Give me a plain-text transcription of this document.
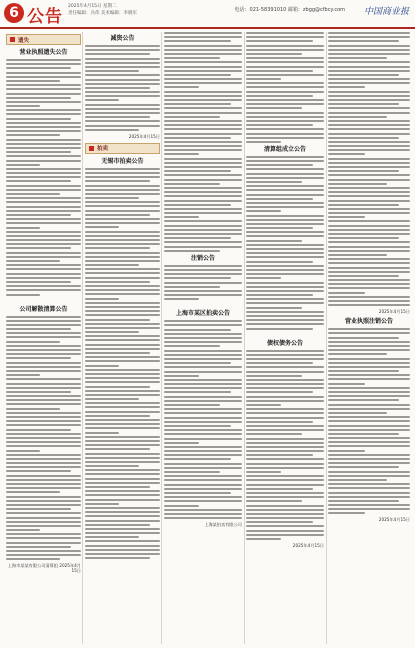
6 公告
2025年4月15日 星期二
责任编辑：冯伟 美术编辑：李晓军
电话：021-58391010 邮箱：zbgg@cfbcy.com 中国商业报
遗失
营业执照遗失公告
公司解散清算公告
上海市某某有限公司清算组 2025年4月15日
减资公告
2025年4月15日
拍卖
无锡市拍卖公告
注销公告
上海市某区拍卖公告
上海某拍卖有限公司
清算组成立公告
债权债务公告
2025年4月15日
2025年4月15日
营业执照注销公告
2025年4月15日
